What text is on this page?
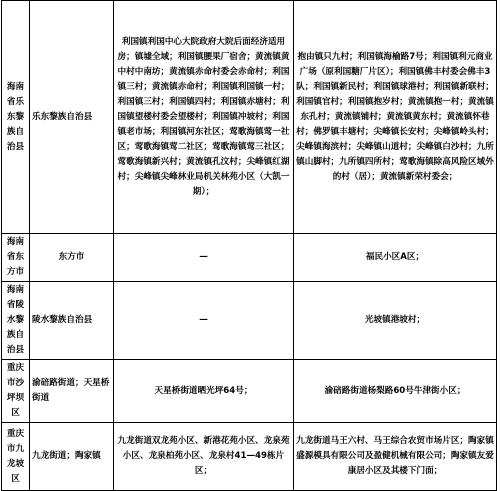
海南省乐东黎族自治县	乐东黎族自治县	利国镇利国中心大院政府大院后面经济适用房；镇墟全域；利国镇腰果厂宿舍；黄流镇黄中村中南坊；黄流镇赤命村委会赤命村；利国镇三村；黄流镇赤命村；利国镇利国镇一村；利国镇三村；利国镇四村；利国镇赤塘村；利国镇望楼村委会望楼村；利国镇冲坡村；利国镇老市场；利国镇河东社区；莺歌海镇莺一社区；莺歌海镇莺二社区；莺歌海镇莺三社区；莺歌海镇新兴村；黄流镇孔汶村；尖峰镇红湖村；尖峰镇尖峰林业局机关林苑小区（大凯一期）；	抱由镇只九村；利国镇海榆路7号；利国镇利元商业广场（原利国糖厂片区）；利国镇佛丰村委会佛丰3队；利国镇新民村；利国镇球港村；利国镇新联村；利国镇官村；利国镇抱岁村；黄流镇抱一村；黄流镇东孔村；黄流镇铺村；黄流镇黄东村；黄流镇怀巷村；佛罗镇丰塘村；尖峰镇长安村；尖峰镇岭头村；尖峰镇海滨村；尖峰镇山道村；尖峰镇白沙村；九所镇山脚村；九所镇四所村；莺歌海镇除高风险区域外的村（居）；黄流镇新荣村委会；
海南省东方市	东方市	—	福民小区A区；
海南省陵水黎族自治县	陵水黎族自治县	—	光坡镇港坡村；
重庆市沙坪坝区	渝碚路街道；天星桥街道	天星桥街道晒光坪64号；	渝碚路街道杨梨路60号牛津街小区；
重庆市九龙坡区	九龙街道；陶家镇	九龙街道双龙苑小区、新港花苑小区、龙泉苑小区、龙泉柏苑小区、龙泉村41—49栋片区；	九龙街道马王六村、马王综合农贸市场片区；陶家镇盛源模具有限公司及盈健机械有限公司；陶家镇友爱康居小区及其楼下门面；
